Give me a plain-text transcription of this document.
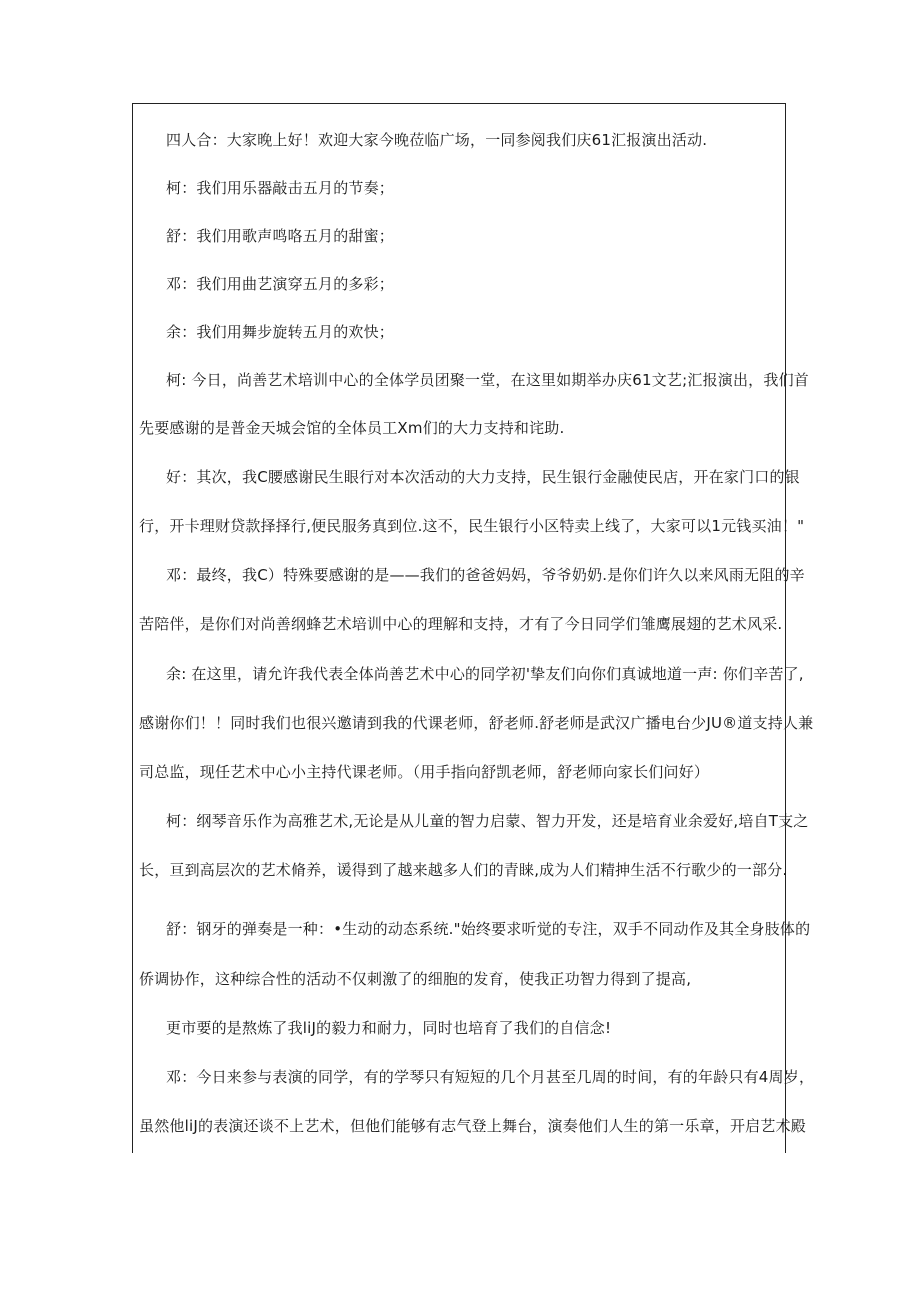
四人合：大家晚上好！欢迎大家今晚莅临广场，一同参阅我们庆61汇报演出活动.
柯：我们用乐器敲击五月的节奏；
舒：我们用歌声鸣咯五月的甜蜜；
邓：我们用曲艺演穿五月的多彩；
余：我们用舞步旋转五月的欢快；
柯: 今日，尚善艺术培训中心的全体学员团聚一堂，在这里如期举办庆61文艺;汇报演出，我们首
先要感谢的是普金天城会馆的全体员工Xm们的大力支持和诧助.
好：其次，我C腰感谢民生眼行对本次活动的大力支持，民生银行金融使民店，开在家门口的银
行，开卡理财贷款择择行,便民服务真到位.这不，民生银行小区特卖上线了，大家可以1元钱买油！"
邓：最终，我C）特殊要感谢的是——我们的爸爸妈妈，爷爷奶奶.是你们许久以来风雨无阻的辛
苦陪伴，是你们对尚善纲蜂艺术培训中心的理解和支持，才有了今日同学们雏鹰展翅的艺术风采.
余: 在这里，请允许我代表全体尚善艺术中心的同学初'挚友们向你们真诚地道一声: 你们辛苦了,
感谢你们！！同时我们也很兴邀请到我的代课老师，舒老师.舒老师是武汉广播电台少JU®道支持人兼
司总监，现任艺术中心小主持代课老师。（用手指向舒凯老师，舒老师向家长们问好）
柯：纲琴音乐作为高雅艺术,无论是从儿童的智力启蒙、智力开发，还是培育业余爱好,培自T支之
长，亘到高层次的艺术脩养，谖得到了越来越多人们的青睐,成为人们精抻生活不行歌少的一部分.
舒：钢牙的弹奏是一种：•生动的动态系统."始终要求听觉的专注，双手不同动作及其全身肢体的
侨调协作，这种综合性的活动不仅刺激了的细胞的发育，使我正功智力得到了提高,
更市要的是熬炼了我liJ的毅力和耐力，同时也培育了我们的自信念!
邓：今日来参与表演的同学，有的学琴只有短短的几个月甚至几周的时间，有的年龄只有4周岁，
虽然他liJ的表演还谈不上艺术，但他们能够有志气登上舞台，演奏他们人生的第一乐章，开启艺术殿
